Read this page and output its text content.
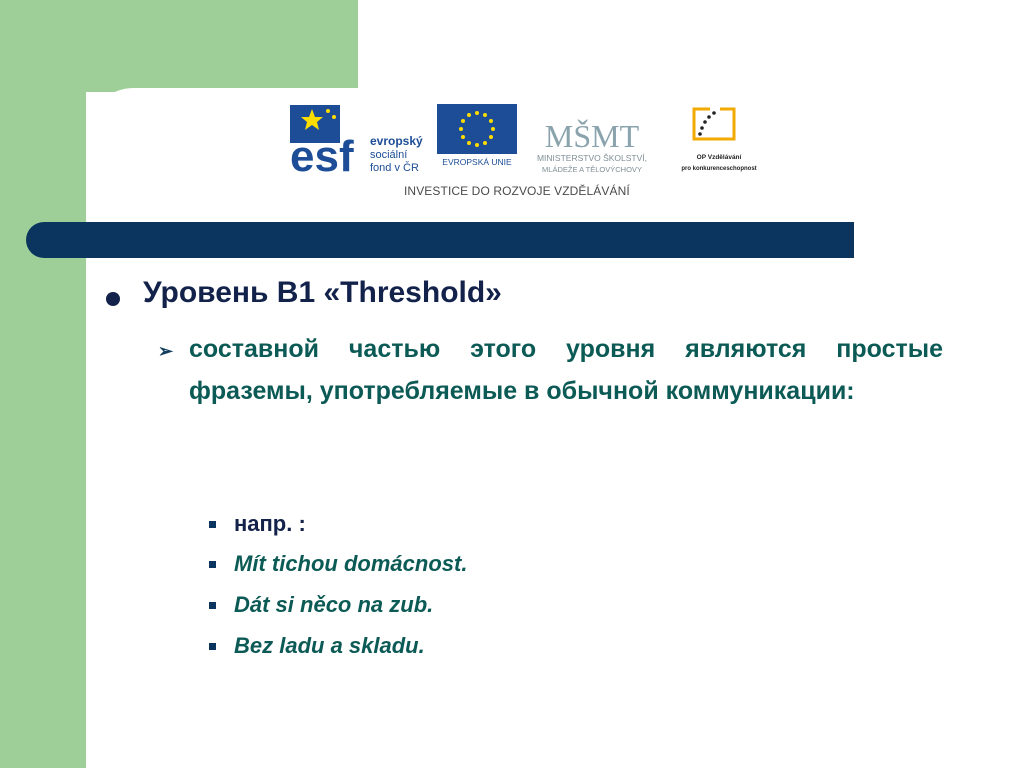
esf evropský
sociální
fond v ČR	EVROPSKÁ UNIE
MŠMT
MINISTERSTVO ŠKOLSTVÍ,
MLÁDEŽE A TĚLOVÝCHOVY
OP Vzdělávání
pro konkurenceschopnost
INVESTICE DO ROZVOJE VZDĚLÁVÁNÍ
Уровень B1 «Threshold»
➢ составной частью этого уровня являются простые фраземы, употребляемые в обычной коммуникации:
напр. :
Mít tichou domácnost.
Dát si něco na zub.
Bez ladu a skladu.
